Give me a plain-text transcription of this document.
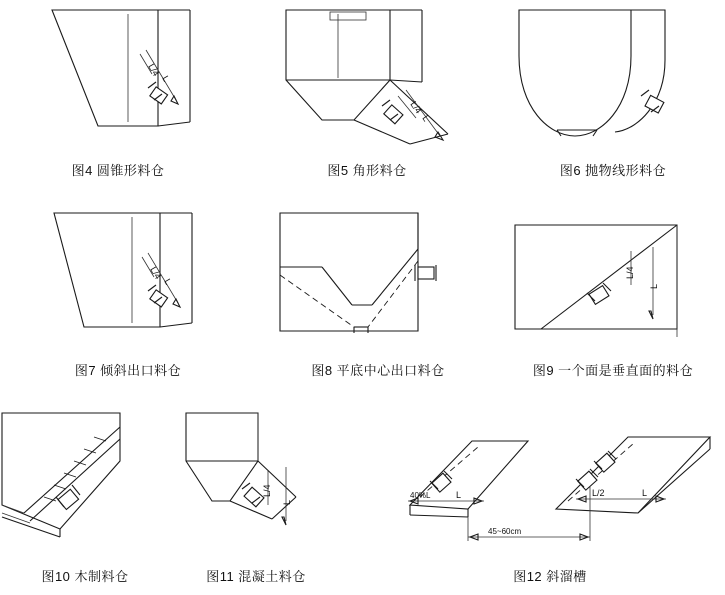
L/4
L
图4 圆锥形料仓
L/4
L
图5 角形料仓	图6 抛物线形料仓
L/4
L
图7 倾斜出口料仓	图8 平底中心出口料仓
L/4
L
图9 一个面是垂直面的料仓
图10 木制料仓
L/4
L
图11 混凝土料仓
40%L	L	L/2	L
45~60cm
图12 斜溜槽
